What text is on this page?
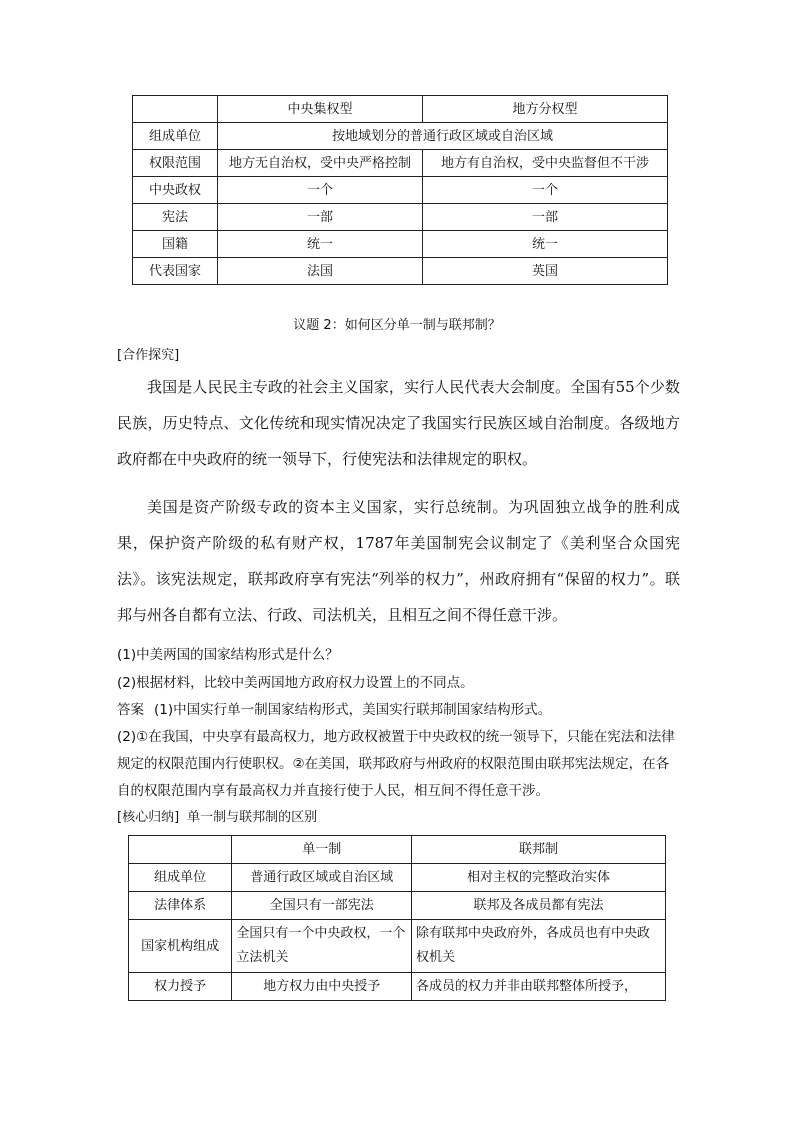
	中央集权型	地方分权型
组成单位	按地域划分的普通行政区域或自治区域	
权限范围	地方无自治权，受中央严格控制	地方有自治权，受中央监督但不干涉
中央政权	一个	一个
宪法	一部	一部
国籍	统一	统一
代表国家	法国	英国
议题 2：如何区分单一制与联邦制？
[合作探究]
我国是人民民主专政的社会主义国家，实行人民代表大会制度。全国有55个少数民族，历史特点、文化传统和现实情况决定了我国实行民族区域自治制度。各级地方政府都在中央政府的统一领导下，行使宪法和法律规定的职权。
美国是资产阶级专政的资本主义国家，实行总统制。为巩固独立战争的胜利成果，保护资产阶级的私有财产权，1787年美国制宪会议制定了《美利坚合众国宪法》。该宪法规定，联邦政府享有宪法“列举的权力”，州政府拥有“保留的权力”。联邦与州各自都有立法、行政、司法机关，且相互之间不得任意干涉。
(1)中美两国的国家结构形式是什么？
(2)根据材料，比较中美两国地方政府权力设置上的不同点。
答案 (1)中国实行单一制国家结构形式，美国实行联邦制国家结构形式。
(2)①在我国，中央享有最高权力，地方政权被置于中央政权的统一领导下，只能在宪法和法律规定的权限范围内行使职权。②在美国，联邦政府与州政府的权限范围由联邦宪法规定，在各自的权限范围内享有最高权力并直接行使于人民，相互间不得任意干涉。
[核心归纳] 单一制与联邦制的区别
	单一制	联邦制
组成单位	普通行政区域或自治区域	相对主权的完整政治实体
法律体系	全国只有一部宪法	联邦及各成员都有宪法
国家机构组成	全国只有一个中央政权，一个立法机关	除有联邦中央政府外，各成员也有中央政权机关
权力授予	地方权力由中央授予	各成员的权力并非由联邦整体所授予，
